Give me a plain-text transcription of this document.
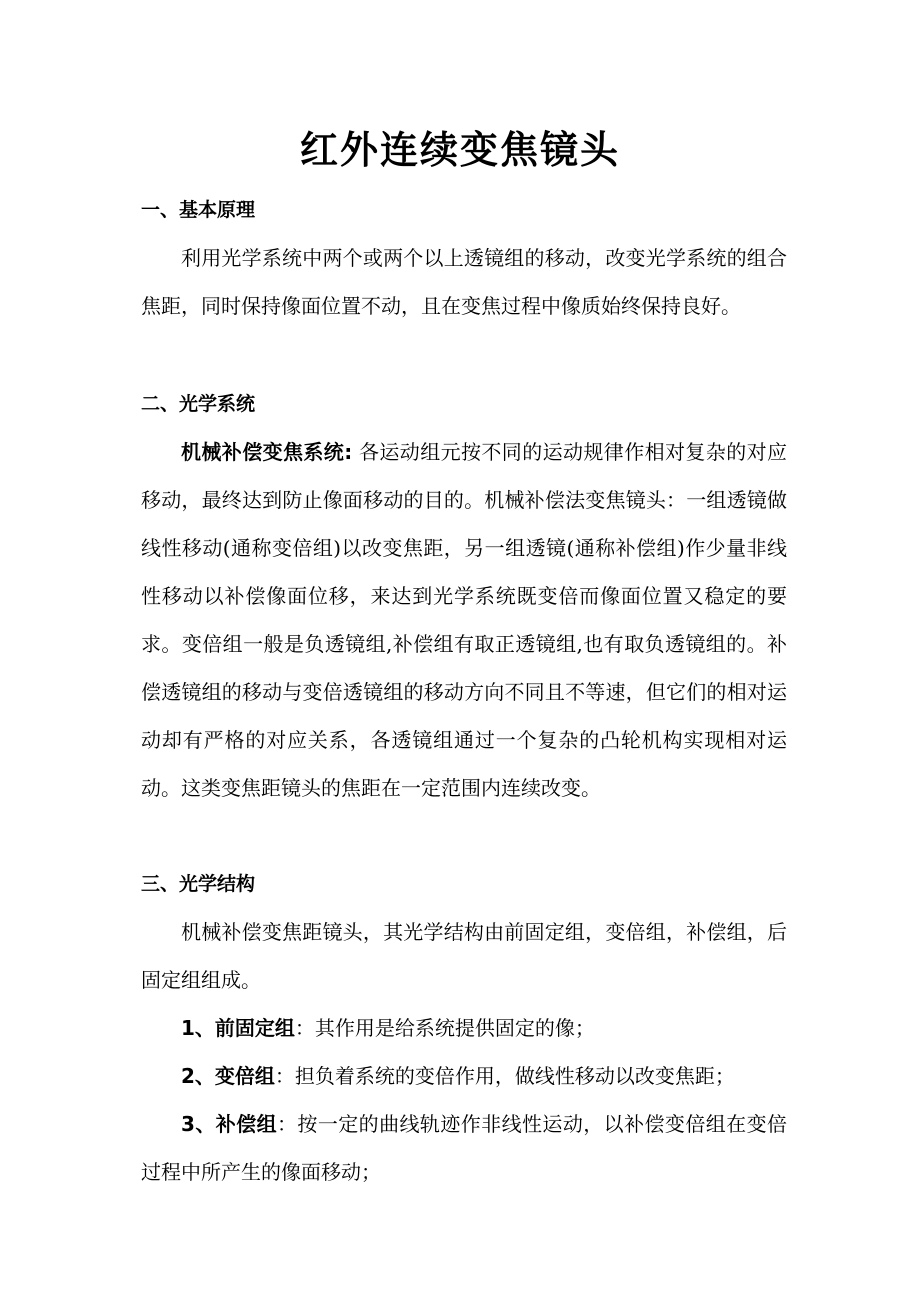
红外连续变焦镜头
一、基本原理
利用光学系统中两个或两个以上透镜组的移动，改变光学系统的组合焦距，同时保持像面位置不动，且在变焦过程中像质始终保持良好。
二、光学系统
机械补偿变焦系统: 各运动组元按不同的运动规律作相对复杂的对应移动，最终达到防止像面移动的目的。机械补偿法变焦镜头：一组透镜做线性移动(通称变倍组)以改变焦距，另一组透镜(通称补偿组)作少量非线性移动以补偿像面位移，来达到光学系统既变倍而像面位置又稳定的要求。变倍组一般是负透镜组,补偿组有取正透镜组,也有取负透镜组的。补偿透镜组的移动与变倍透镜组的移动方向不同且不等速，但它们的相对运动却有严格的对应关系，各透镜组通过一个复杂的凸轮机构实现相对运动。这类变焦距镜头的焦距在一定范围内连续改变。
三、光学结构
机械补偿变焦距镜头，其光学结构由前固定组，变倍组，补偿组，后固定组组成。
1、前固定组：其作用是给系统提供固定的像；
2、变倍组：担负着系统的变倍作用，做线性移动以改变焦距；
3、补偿组：按一定的曲线轨迹作非线性运动，以补偿变倍组在变倍过程中所产生的像面移动；
